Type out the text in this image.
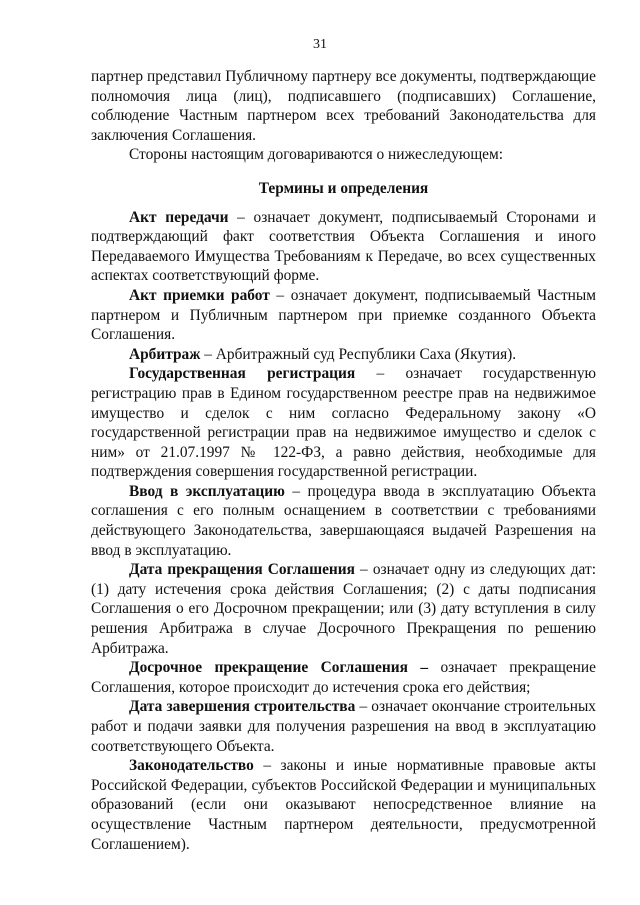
31

партнер представил Публичному партнеру все документы, подтверждающие полномочия лица (лиц), подписавшего (подписавших) Соглашение, соблюдение Частным партнером всех требований Законодательства для заключения Соглашения.

Стороны настоящим договариваются о нижеследующем:

Термины и определения

Акт передачи – означает документ, подписываемый Сторонами и подтверждающий факт соответствия Объекта Соглашения и иного Передаваемого Имущества Требованиям к Передаче, во всех существенных аспектах соответствующий форме.

Акт приемки работ – означает документ, подписываемый Частным партнером и Публичным партнером при приемке созданного Объекта Соглашения.

Арбитраж – Арбитражный суд Республики Саха (Якутия).

Государственная регистрация – означает государственную регистрацию прав в Едином государственном реестре прав на недвижимое имущество и сделок с ним согласно Федеральному закону «О государственной регистрации прав на недвижимое имущество и сделок с ним» от 21.07.1997 № 122-ФЗ, а равно действия, необходимые для подтверждения совершения государственной регистрации.

Ввод в эксплуатацию – процедура ввода в эксплуатацию Объекта соглашения с его полным оснащением в соответствии с требованиями действующего Законодательства, завершающаяся выдачей Разрешения на ввод в эксплуатацию.

Дата прекращения Соглашения – означает одну из следующих дат: (1) дату истечения срока действия Соглашения; (2) с даты подписания Соглашения о его Досрочном прекращении; или (3) дату вступления в силу решения Арбитража в случае Досрочного Прекращения по решению Арбитража.

Досрочное прекращение Соглашения – означает прекращение Соглашения, которое происходит до истечения срока его действия;

Дата завершения строительства – означает окончание строительных работ и подачи заявки для получения разрешения на ввод в эксплуатацию соответствующего Объекта.

Законодательство – законы и иные нормативные правовые акты Российской Федерации, субъектов Российской Федерации и муниципальных образований (если они оказывают непосредственное влияние на осуществление Частным партнером деятельности, предусмотренной Соглашением).
